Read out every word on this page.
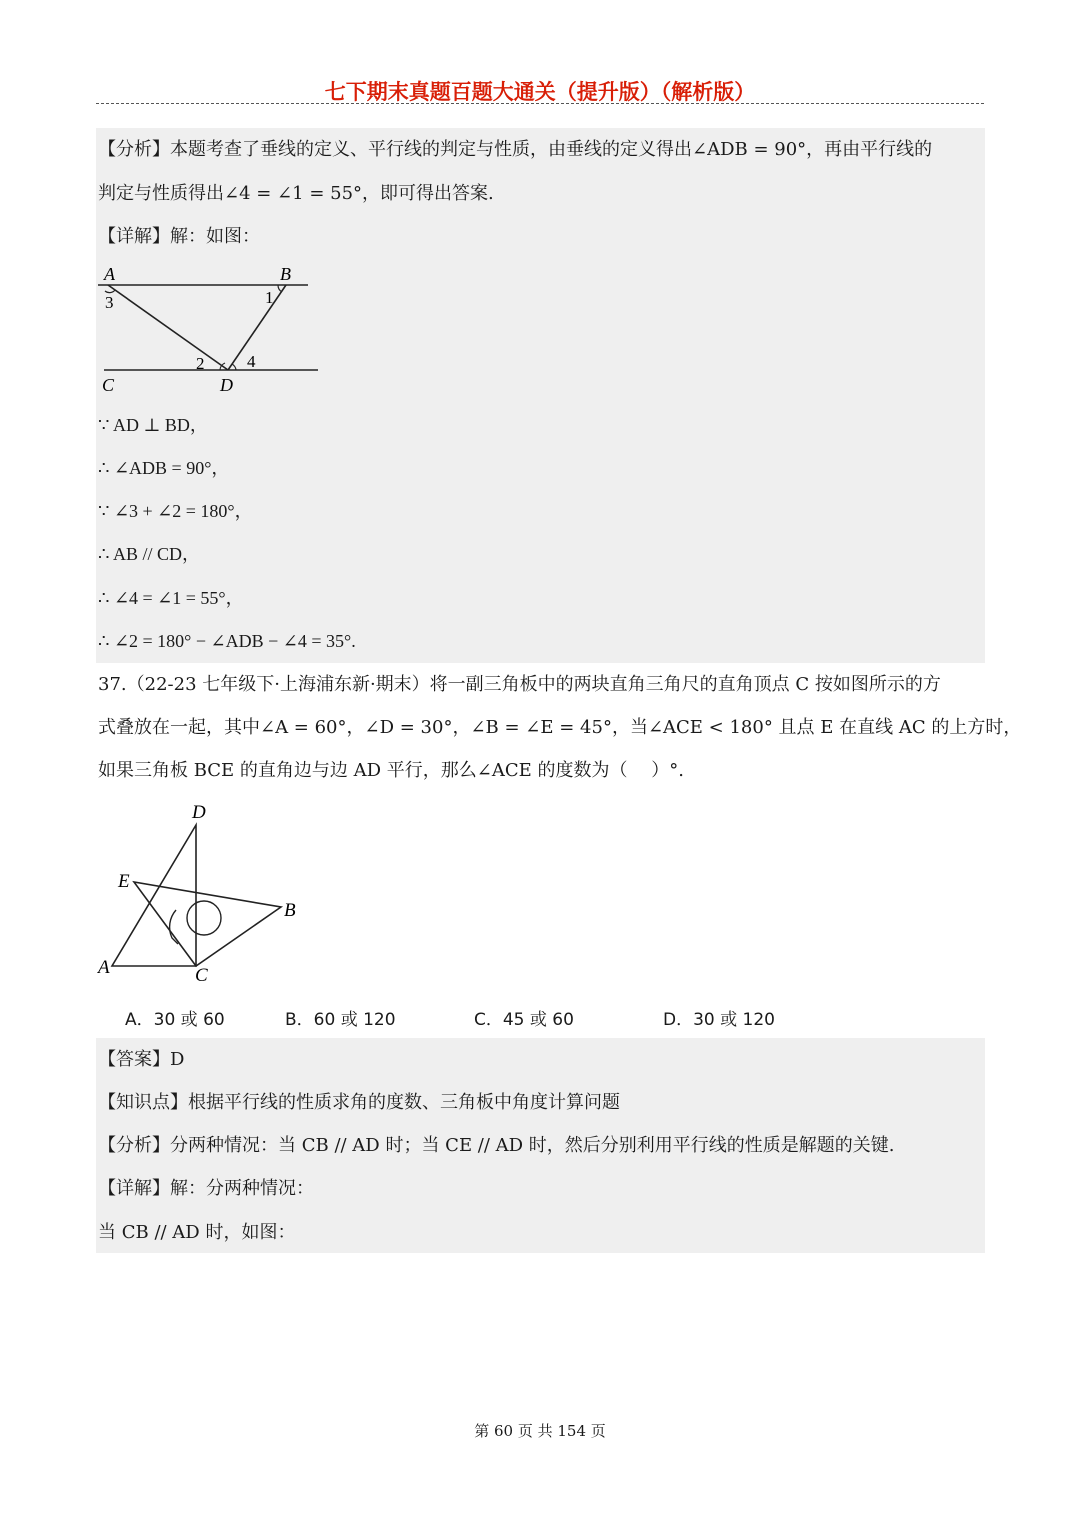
七下期末真题百题大通关（提升版）（解析版）
【分析】本题考查了垂线的定义、平行线的判定与性质，由垂线的定义得出∠ADB = 90°，再由平行线的
判定与性质得出∠4 = ∠1 = 55°，即可得出答案.
【详解】解：如图：
A	B
1
3
2	4
C	D
∵ AD ⊥ BD，
∴ ∠ADB = 90°，
∵ ∠3 + ∠2 = 180°，
∴ AB // CD，
∴ ∠4 = ∠1 = 55°，
∴ ∠2 = 180° − ∠ADB − ∠4 = 35°.
37.（22-23 七年级下·上海浦东新·期末）将一副三角板中的两块直角三角尺的直角顶点 C 按如图所示的方
式叠放在一起，其中∠A = 60°，∠D = 30°，∠B = ∠E = 45°，当∠ACE < 180° 且点 E 在直线 AC 的上方时，
如果三角板 BCE 的直角边与边 AD 平行，那么∠ACE 的度数为（　 ）°.
D
E
B
A	C
A．30 或 60	B．60 或 120	C．45 或 60	D．30 或 120
【答案】D
【知识点】根据平行线的性质求角的度数、三角板中角度计算问题
【分析】分两种情况：当 CB // AD 时；当 CE // AD 时，然后分别利用平行线的性质是解题的关键.
【详解】解：分两种情况：
当 CB // AD 时，如图：
第 60 页 共 154 页
